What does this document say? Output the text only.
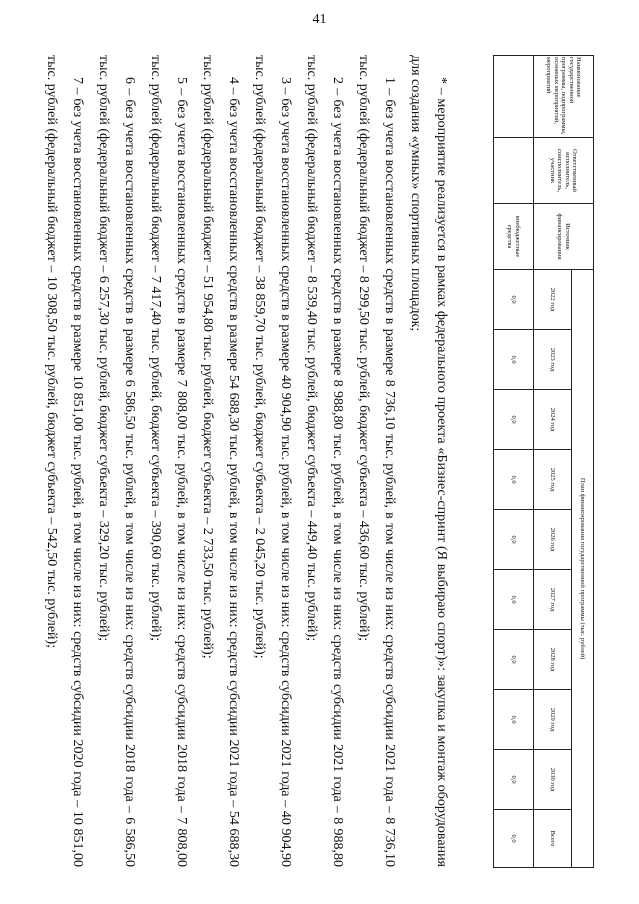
41
Наименование государственной программы, подпрограммы, основных мероприятий, мероприятий	Ответственный исполнитель, соисполнитель, участник	Источник финансирования	План финансирования государственной программы (тыс. рублей)									
			2022 год	2023 год	2024 год	2025 год	2026 год	2027 год	2028 год	2029 год	2030 год	Всего
		внебюджетные средства	0,0	0,0	0,0	0,0	0,0	0,0	0,0	0,0	0,0	0,0

* – мероприятие реализуется в рамках федерального проекта «Бизнес-спринт (Я выбираю спорт)»: закупка и монтаж оборудования для создания «умных» спортивных площадок;

1 – без учета восстановленных средств в размере 8 736,10 тыс. рублей, в том числе из них: средств субсидии 2021 года – 8 736,10 тыс. рублей (федеральный бюджет – 8 299,50 тыс. рублей, бюджет субъекта – 436,60 тыс. рублей);

2 – без учета восстановленных средств в размере 8 988,80 тыс. рублей, в том числе из них: средств субсидии 2021 года – 8 988,80 тыс. рублей (федеральный бюджет – 8 539,40 тыс. рублей, бюджет субъекта – 449,40 тыс. рублей);

3 – без учета восстановленных средств в размере 40 904,90 тыс. рублей, в том числе из них: средств субсидии 2021 года – 40 904,90 тыс. рублей (федеральный бюджет – 38 859,70 тыс. рублей, бюджет субъекта – 2 045,20 тыс. рублей);

4 – без учета восстановленных средств в размере 54 688,30 тыс. рублей, в том числе из них: средств субсидии 2021 года – 54 688,30 тыс. рублей (федеральный бюджет – 51 954,80 тыс. рублей, бюджет субъекта – 2 733,50 тыс. рублей);

5 – без учета восстановленных средств в размере 7 808,00 тыс. рублей, в том числе из них: средств субсидии 2018 года – 7 808,00 тыс. рублей (федеральный бюджет – 7 417,40 тыс. рублей, бюджет субъекта – 390,60 тыс. рублей);

6 – без учета восстановленных средств в размере 6 586,50 тыс. рублей, в том числе из них: средств субсидии 2018 года – 6 586,50 тыс. рублей (федеральный бюджет – 6 257,30 тыс. рублей, бюджет субъекта – 329,20 тыс. рублей);

7 – без учета восстановленных средств в размере 10 851,00 тыс. рублей, в том числе из них: средств субсидии 2020 года – 10 851,00 тыс. рублей (федеральный бюджет – 10 308,50 тыс. рублей, бюджет субъекта – 542,50 тыс. рублей);
